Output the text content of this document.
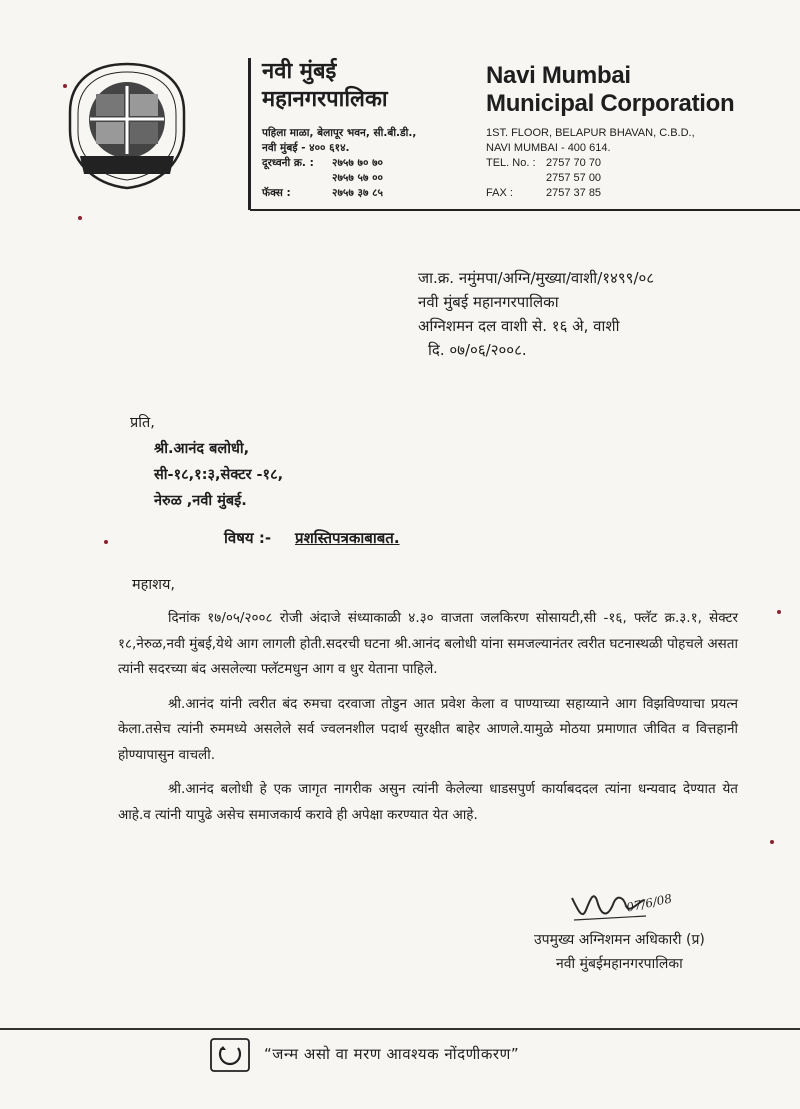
नवी मुंबई
महानगरपालिका
Navi Mumbai
Municipal Corporation
पहिला माळा, बेलापूर भवन, सी.बी.डी.,
नवी मुंबई - ४०० ६१४.
दूरध्वनी क्र. : २७५७ ७० ७०
२७५७ ५७ ००
फॅक्स :	२७५७ ३७ ८५
1ST. FLOOR, BELAPUR BHAVAN, C.B.D.,
NAVI MUMBAI - 400 614.
TEL. No. : 2757 70 70
2757 57 00
FAX :	2757 37 85
जा.क्र. नमुंमपा/अग्नि/मुख्या/वाशी/१४९९/०८
नवी मुंबई महानगरपालिका
अग्निशमन दल वाशी से. १६ अे, वाशी
दि. ०७/०६/२००८.
प्रति,
श्री.आनंद बलोधी,
सी-१८,१:३,सेक्टर -१८,
नेरुळ ,नवी मुंबई.
विषय :- प्रशस्तिपत्रकाबाबत.
महाशय,

दिनांक १७/०५/२००८ रोजी अंदाजे संध्याकाळी ४.३० वाजता जलकिरण सोसायटी,सी -१६, फ्लॅट क्र.३.१, सेक्टर १८,नेरुळ,नवी मुंबई,येथे आग लागली होती.सदरची घटना श्री.आनंद बलोधी यांना समजल्यानंतर त्वरीत घटनास्थळी पोहचले असता त्यांनी सदरच्या बंद असलेल्या फ्लॅटमधुन आग व धुर येताना पाहिले.

श्री.आनंद यांनी त्वरीत बंद रुमचा दरवाजा तोडुन आत प्रवेश केला व पाण्याच्या सहाय्याने आग विझविण्याचा प्रयत्न केला.तसेच त्यांनी रुममध्ये असलेले सर्व ज्वलनशील पदार्थ सुरक्षीत बाहेर आणले.यामुळे मोठया प्रमाणात जीवित व वित्तहानी होण्यापासुन वाचली.

श्री.आनंद बलोधी हे एक जागृत नागरीक असुन त्यांनी केलेल्या धाडसपुर्ण कार्याबददल त्यांना धन्यवाद देण्यात येत आहे.व त्यांनी यापुढे असेच समाजकार्य करावे ही अपेक्षा करण्यात येत आहे.

07/6/08
उपमुख्य अग्निशमन अधिकारी (प्र)
नवी मुंबईमहानगरपालिका
“जन्म असो वा मरण आवश्यक नोंदणीकरण”
